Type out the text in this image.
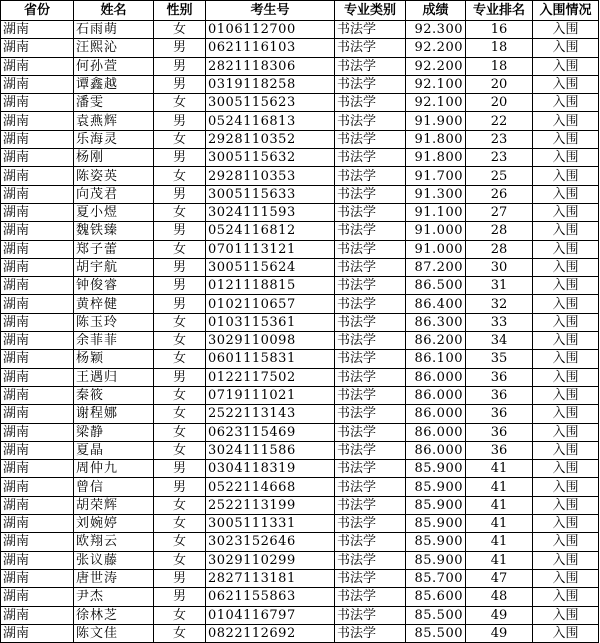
省份	姓名	性别	考生号	专业类别	成绩	专业排名	入围情况
湖南	石雨萌	女	0106112700	书法学	92.300	16	入围
湖南	汪熙沁	男	0621116103	书法学	92.200	18	入围
湖南	何孙萱	男	2821118306	书法学	92.200	18	入围
湖南	谭鑫越	男	0319118258	书法学	92.100	20	入围
湖南	潘雯	女	3005115623	书法学	92.100	20	入围
湖南	袁燕辉	男	0524116813	书法学	91.900	22	入围
湖南	乐海灵	女	2928110352	书法学	91.800	23	入围
湖南	杨刚	男	3005115632	书法学	91.800	23	入围
湖南	陈姿英	女	2928110353	书法学	91.700	25	入围
湖南	向茂君	男	3005115633	书法学	91.300	26	入围
湖南	夏小煜	女	3024111593	书法学	91.100	27	入围
湖南	魏铁臻	男	0524116812	书法学	91.000	28	入围
湖南	郑子蕾	女	0701113121	书法学	91.000	28	入围
湖南	胡宇航	男	3005115624	书法学	87.200	30	入围
湖南	钟俊睿	男	0121118815	书法学	86.500	31	入围
湖南	黄梓健	男	0102110657	书法学	86.400	32	入围
湖南	陈玉玲	女	0103115361	书法学	86.300	33	入围
湖南	余菲菲	女	3029110098	书法学	86.200	34	入围
湖南	杨颖	女	0601115831	书法学	86.100	35	入围
湖南	王遇归	男	0122117502	书法学	86.000	36	入围
湖南	秦筱	女	0719111021	书法学	86.000	36	入围
湖南	谢程娜	女	2522113143	书法学	86.000	36	入围
湖南	梁静	女	0623115469	书法学	86.000	36	入围
湖南	夏晶	女	3024111586	书法学	86.000	36	入围
湖南	周仲九	男	0304118319	书法学	85.900	41	入围
湖南	曾信	男	0522114668	书法学	85.900	41	入围
湖南	胡荣辉	女	2522113199	书法学	85.900	41	入围
湖南	刘婉婷	女	3005111331	书法学	85.900	41	入围
湖南	欧翔云	女	3023152646	书法学	85.900	41	入围
湖南	张议藤	女	3029110299	书法学	85.900	41	入围
湖南	唐世涛	男	2827113181	书法学	85.700	47	入围
湖南	尹杰	男	0621155863	书法学	85.600	48	入围
湖南	徐林芝	女	0104116797	书法学	85.500	49	入围
湖南	陈文佳	女	0822112692	书法学	85.500	49	入围
